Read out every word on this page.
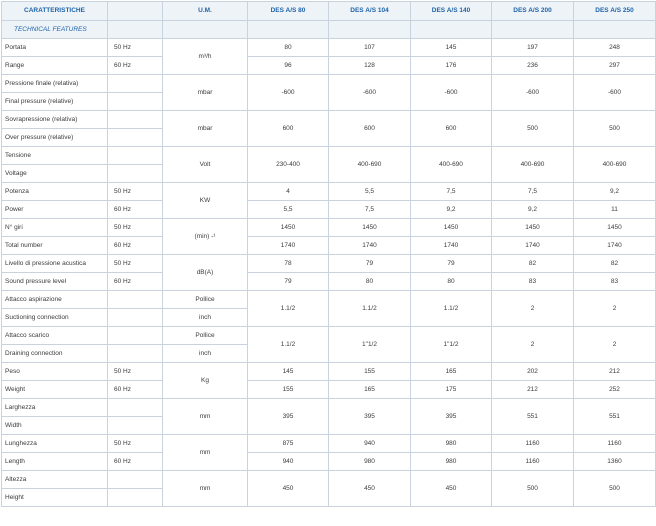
CARATTERISTICHE		U.M.	DES A/S 80	DES A/S 104	DES A/S 140	DES A/S 200	DES A/S 250
TECHNICAL FEATURES							
Portata	50 Hz	m³/h	80	107	145	197	248
Range	60 Hz		96	128	176	236	297
Pressione finale (relativa)		mbar	-600	-600	-600	-600	-600
Final pressure (relative)							
Sovrapressione (relativa)		mbar	600	600	600	500	500
Over pressure (relative)							
Tensione		Volt	230-400	400-690	400-690	400-690	400-690
Voltage							
Potenza	50 Hz	KW	4	5,5	7,5	7,5	9,2
Power	60 Hz		5,5	7,5	9,2	9,2	11
N° giri	50 Hz	(min) -¹	1450	1450	1450	1450	1450
Total number	60 Hz		1740	1740	1740	1740	1740
Livello di pressione acustica	50 Hz	dB(A)	78	79	79	82	82
Sound pressure level	60 Hz		79	80	80	83	83
Attacco aspirazione		Pollice	1.1/2	1.1/2	1.1/2	2	2
Suctioning connection		inch					
Attacco scarico		Pollice	1.1/2	1"1/2	1"1/2	2	2
Draining connection		inch					
Peso	50 Hz	Kg	145	155	165	202	212
Weight	60 Hz		155	165	175	212	252
Larghezza		mm	395	395	395	551	551
Width							
Lunghezza	50 Hz	mm	875	940	980	1160	1160
Length	60 Hz		940	980	980	1160	1360
Altezza		mm	450	450	450	500	500
Height							
